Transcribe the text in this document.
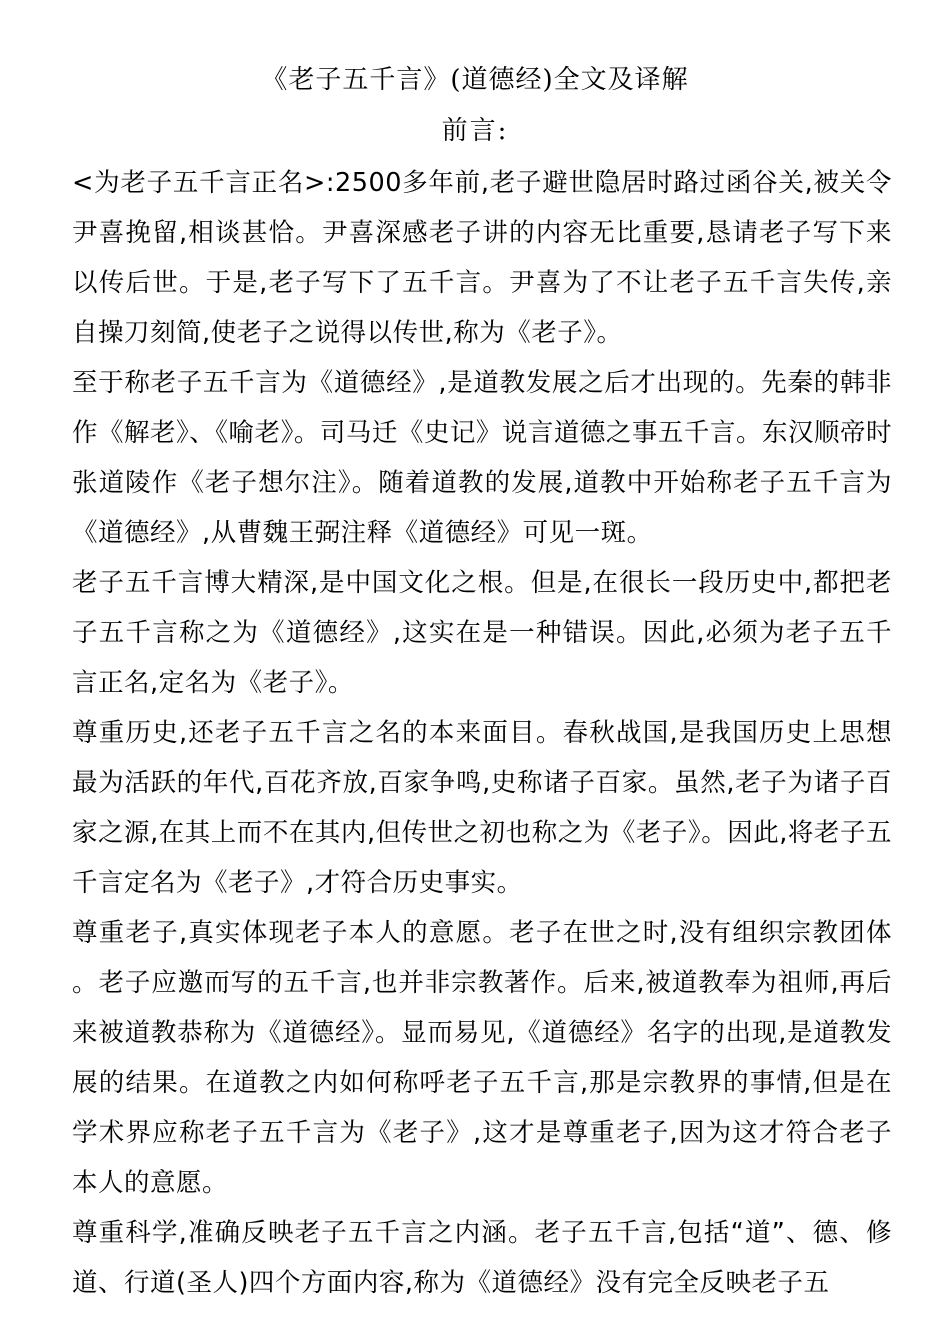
《老子五千言》(道德经)全文及译解
前言:

<为老子五千言正名>:2500多年前,老子避世隐居时路过函谷关,被关令尹喜挽留,相谈甚恰。尹喜深感老子讲的内容无比重要,恳请老子写下来以传后世。于是,老子写下了五千言。尹喜为了不让老子五千言失传,亲自操刀刻简,使老子之说得以传世,称为《老子》。

至于称老子五千言为《道德经》,是道教发展之后才出现的。先秦的韩非作《解老》、《喻老》。司马迁《史记》说言道德之事五千言。东汉顺帝时张道陵作《老子想尔注》。随着道教的发展,道教中开始称老子五千言为《道德经》,从曹魏王弼注释《道德经》可见一斑。

老子五千言博大精深,是中国文化之根。但是,在很长一段历史中,都把老子五千言称之为《道德经》,这实在是一种错误。因此,必须为老子五千言正名,定名为《老子》。

尊重历史,还老子五千言之名的本来面目。春秋战国,是我国历史上思想最为活跃的年代,百花齐放,百家争鸣,史称诸子百家。虽然,老子为诸子百家之源,在其上而不在其内,但传世之初也称之为《老子》。因此,将老子五千言定名为《老子》,才符合历史事实。

尊重老子,真实体现老子本人的意愿。老子在世之时,没有组织宗教团体。老子应邀而写的五千言,也并非宗教著作。后来,被道教奉为祖师,再后来被道教恭称为《道德经》。显而易见,《道德经》名字的出现,是道教发展的结果。在道教之内如何称呼老子五千言,那是宗教界的事情,但是在学术界应称老子五千言为《老子》,这才是尊重老子,因为这才符合老子本人的意愿。

尊重科学,准确反映老子五千言之内涵。老子五千言,包括“道”、德、修道、行道(圣人)四个方面内容,称为《道德经》没有完全反映老子五
